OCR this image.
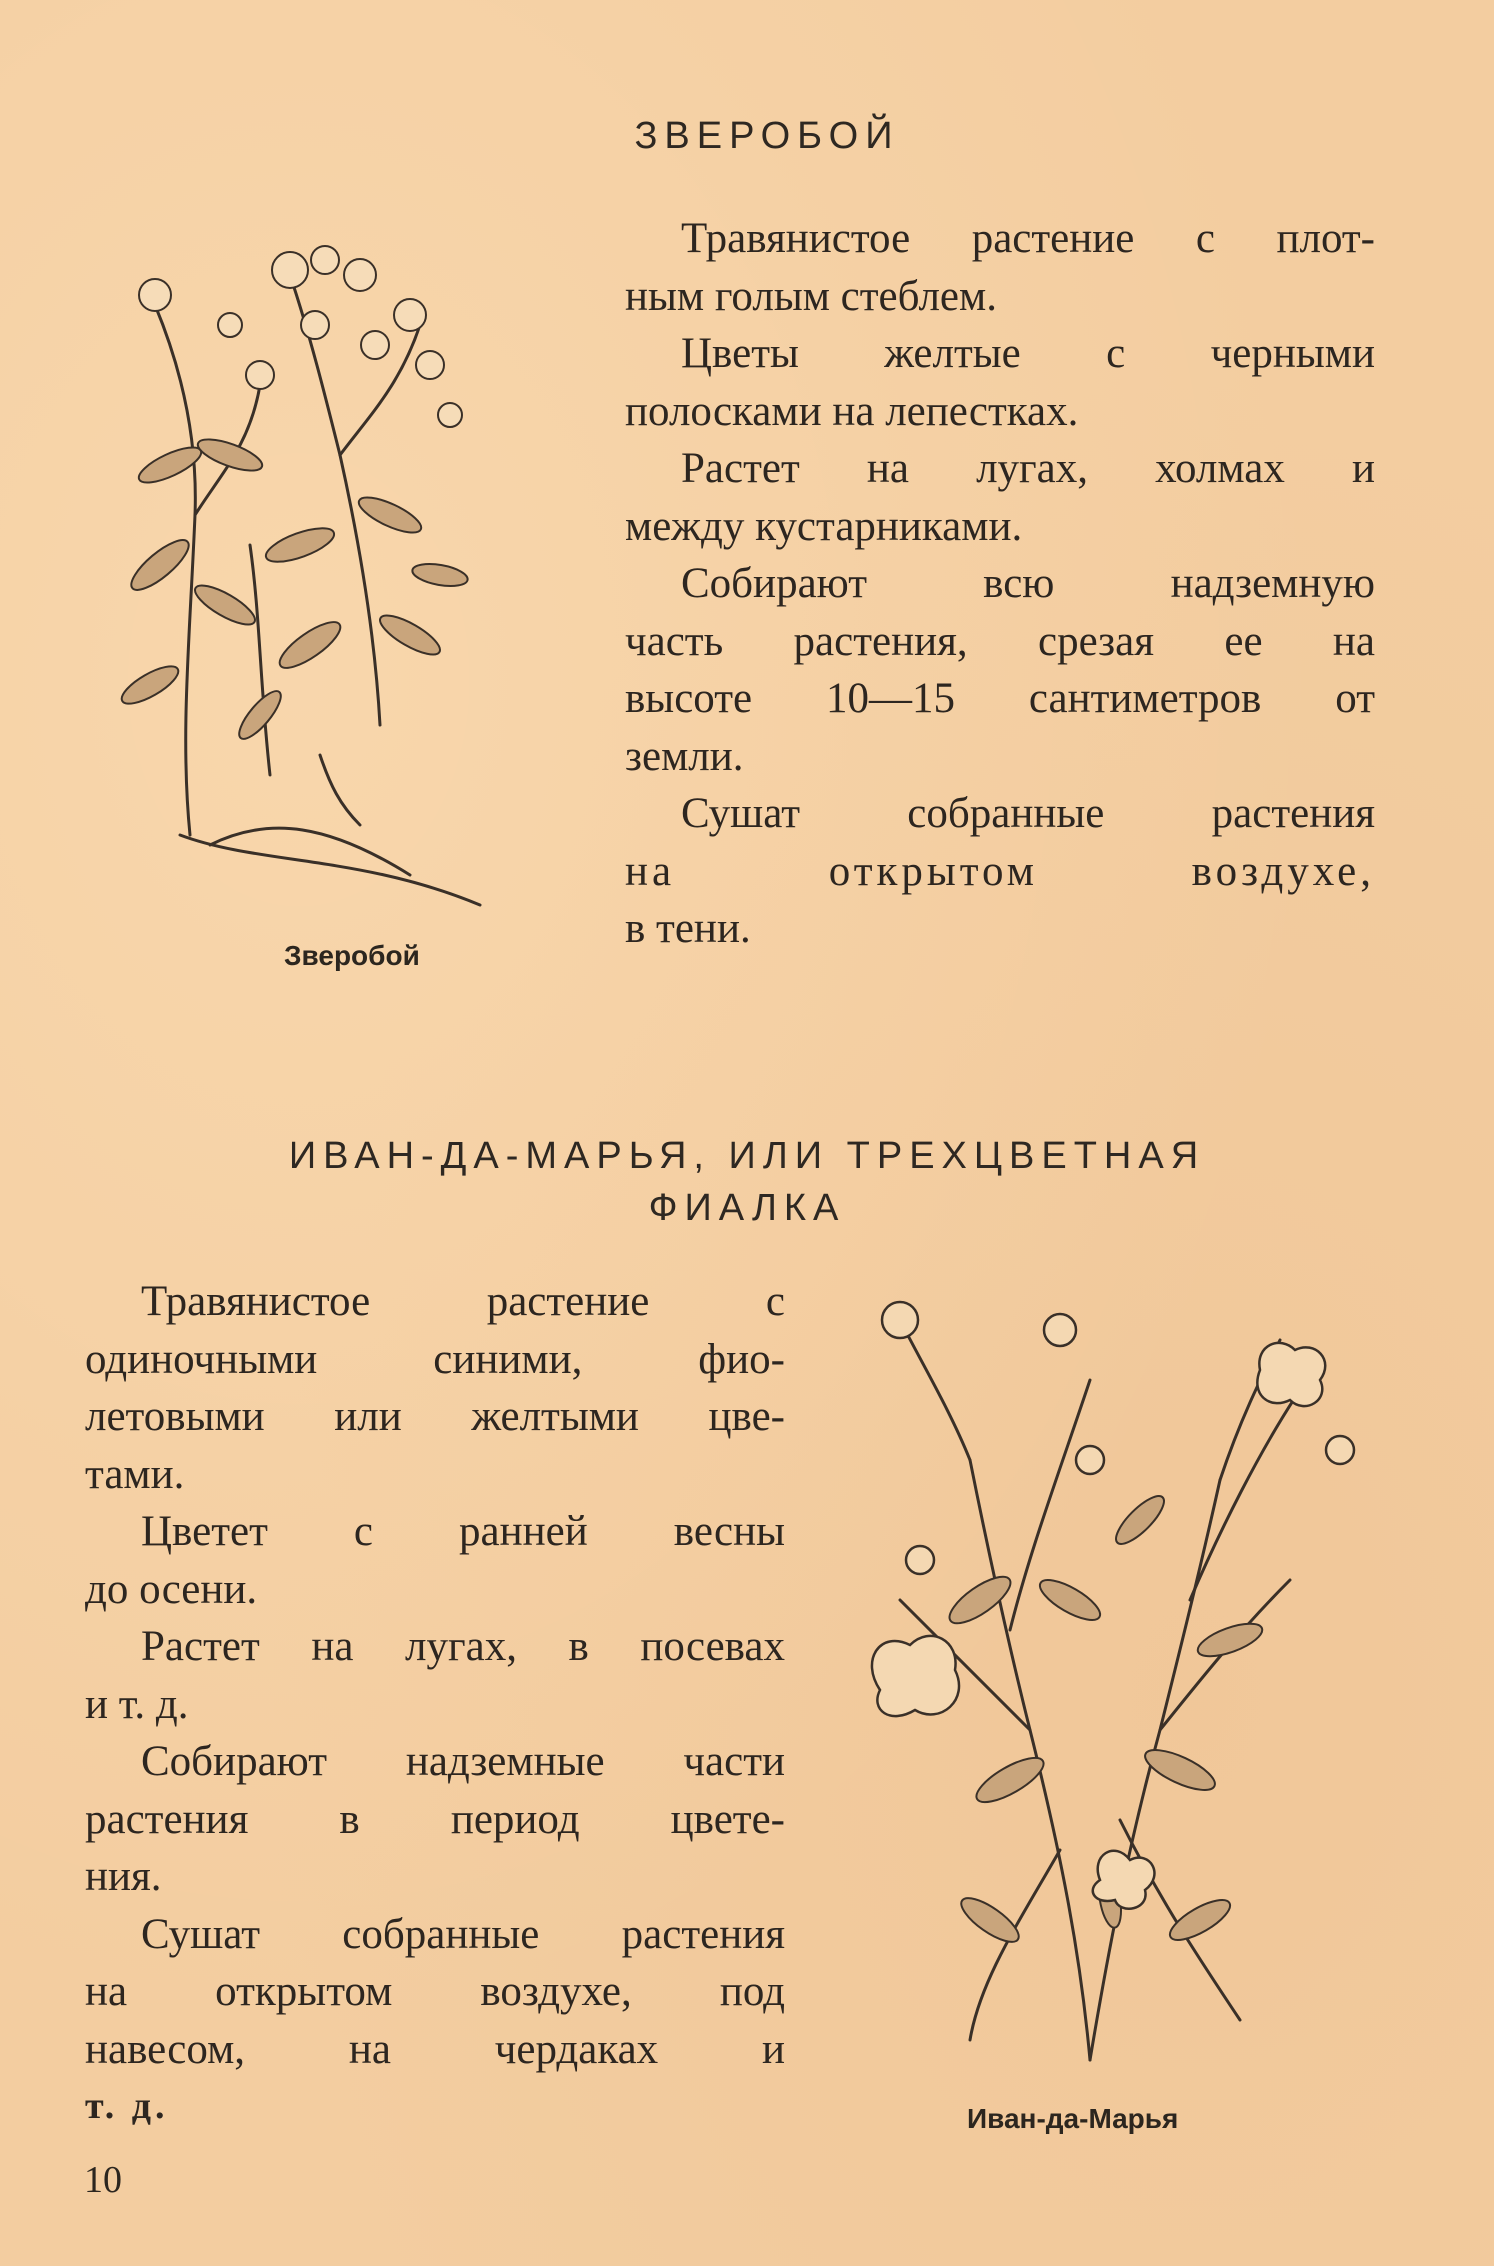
ЗВЕРОБОЙ
Зверобой
Травянистое растение с плот-
ным голым стеблем.
Цветы желтые с черными
полосками на лепестках.
Растет на лугах, холмах и
между кустарниками.
Собирают всю надземную
часть растения, срезая ее на
высоте 10—15 сантиметров от
земли.
Сушат собранные растения
на открытом воздухе,
в тени.
ИВАН-ДА-МАРЬЯ, ИЛИ ТРЕХЦВЕТНАЯ
ФИАЛКА
Травянистое растение с
одиночными синими, фио-
летовыми или желтыми цве-
тами.
Цветет с ранней весны
до осени.
Растет на лугах, в посевах
и т. д.
Собирают надземные части
растения в период цвете-
ния.
Сушат собранные растения
на открытом воздухе, под
навесом, на чердаках и
т. д.	Иван-да-Марья
10
